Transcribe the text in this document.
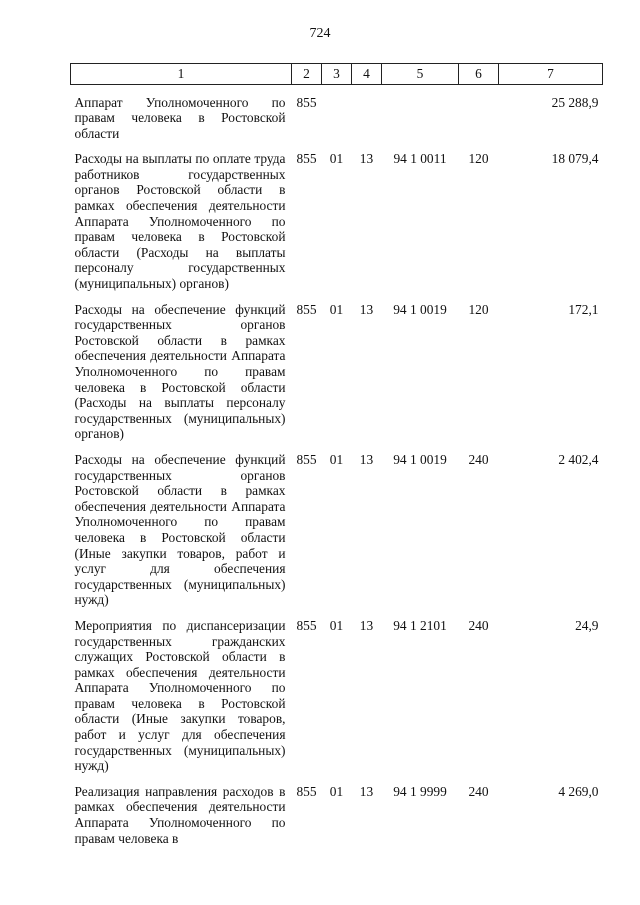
724
1	2	3	4	5	6	7

Аппарат Уполномоченного по правам человека в Ростовской области	855					25 288,9
Расходы на выплаты по оплате труда работников государственных органов Ростовской области в рамках обеспечения деятельности Аппарата Уполномоченного по правам человека в Ростовской области (Расходы на выплаты персоналу государственных (муниципальных) органов)	855	01	13	94 1 0011	120	18 079,4
Расходы на обеспечение функций государственных органов Ростовской области в рамках обеспечения деятельности Аппарата Уполномоченного по правам человека в Ростовской области (Расходы на выплаты персоналу государственных (муниципальных) органов)	855	01	13	94 1 0019	120	172,1
Расходы на обеспечение функций государственных органов Ростовской области в рамках обеспечения деятельности Аппарата Уполномоченного по правам человека в Ростовской области (Иные закупки товаров, работ и услуг для обеспечения государственных (муниципальных) нужд)	855	01	13	94 1 0019	240	2 402,4
Мероприятия по диспансеризации государственных гражданских служащих Ростовской области в рамках обеспечения деятельности Аппарата Уполномоченного по правам человека в Ростовской области (Иные закупки товаров, работ и услуг для обеспечения государственных (муниципальных) нужд)	855	01	13	94 1 2101	240	24,9
Реализация направления расходов в рамках обеспечения деятельности Аппарата Уполномоченного по правам человека в	855	01	13	94 1 9999	240	4 269,0
